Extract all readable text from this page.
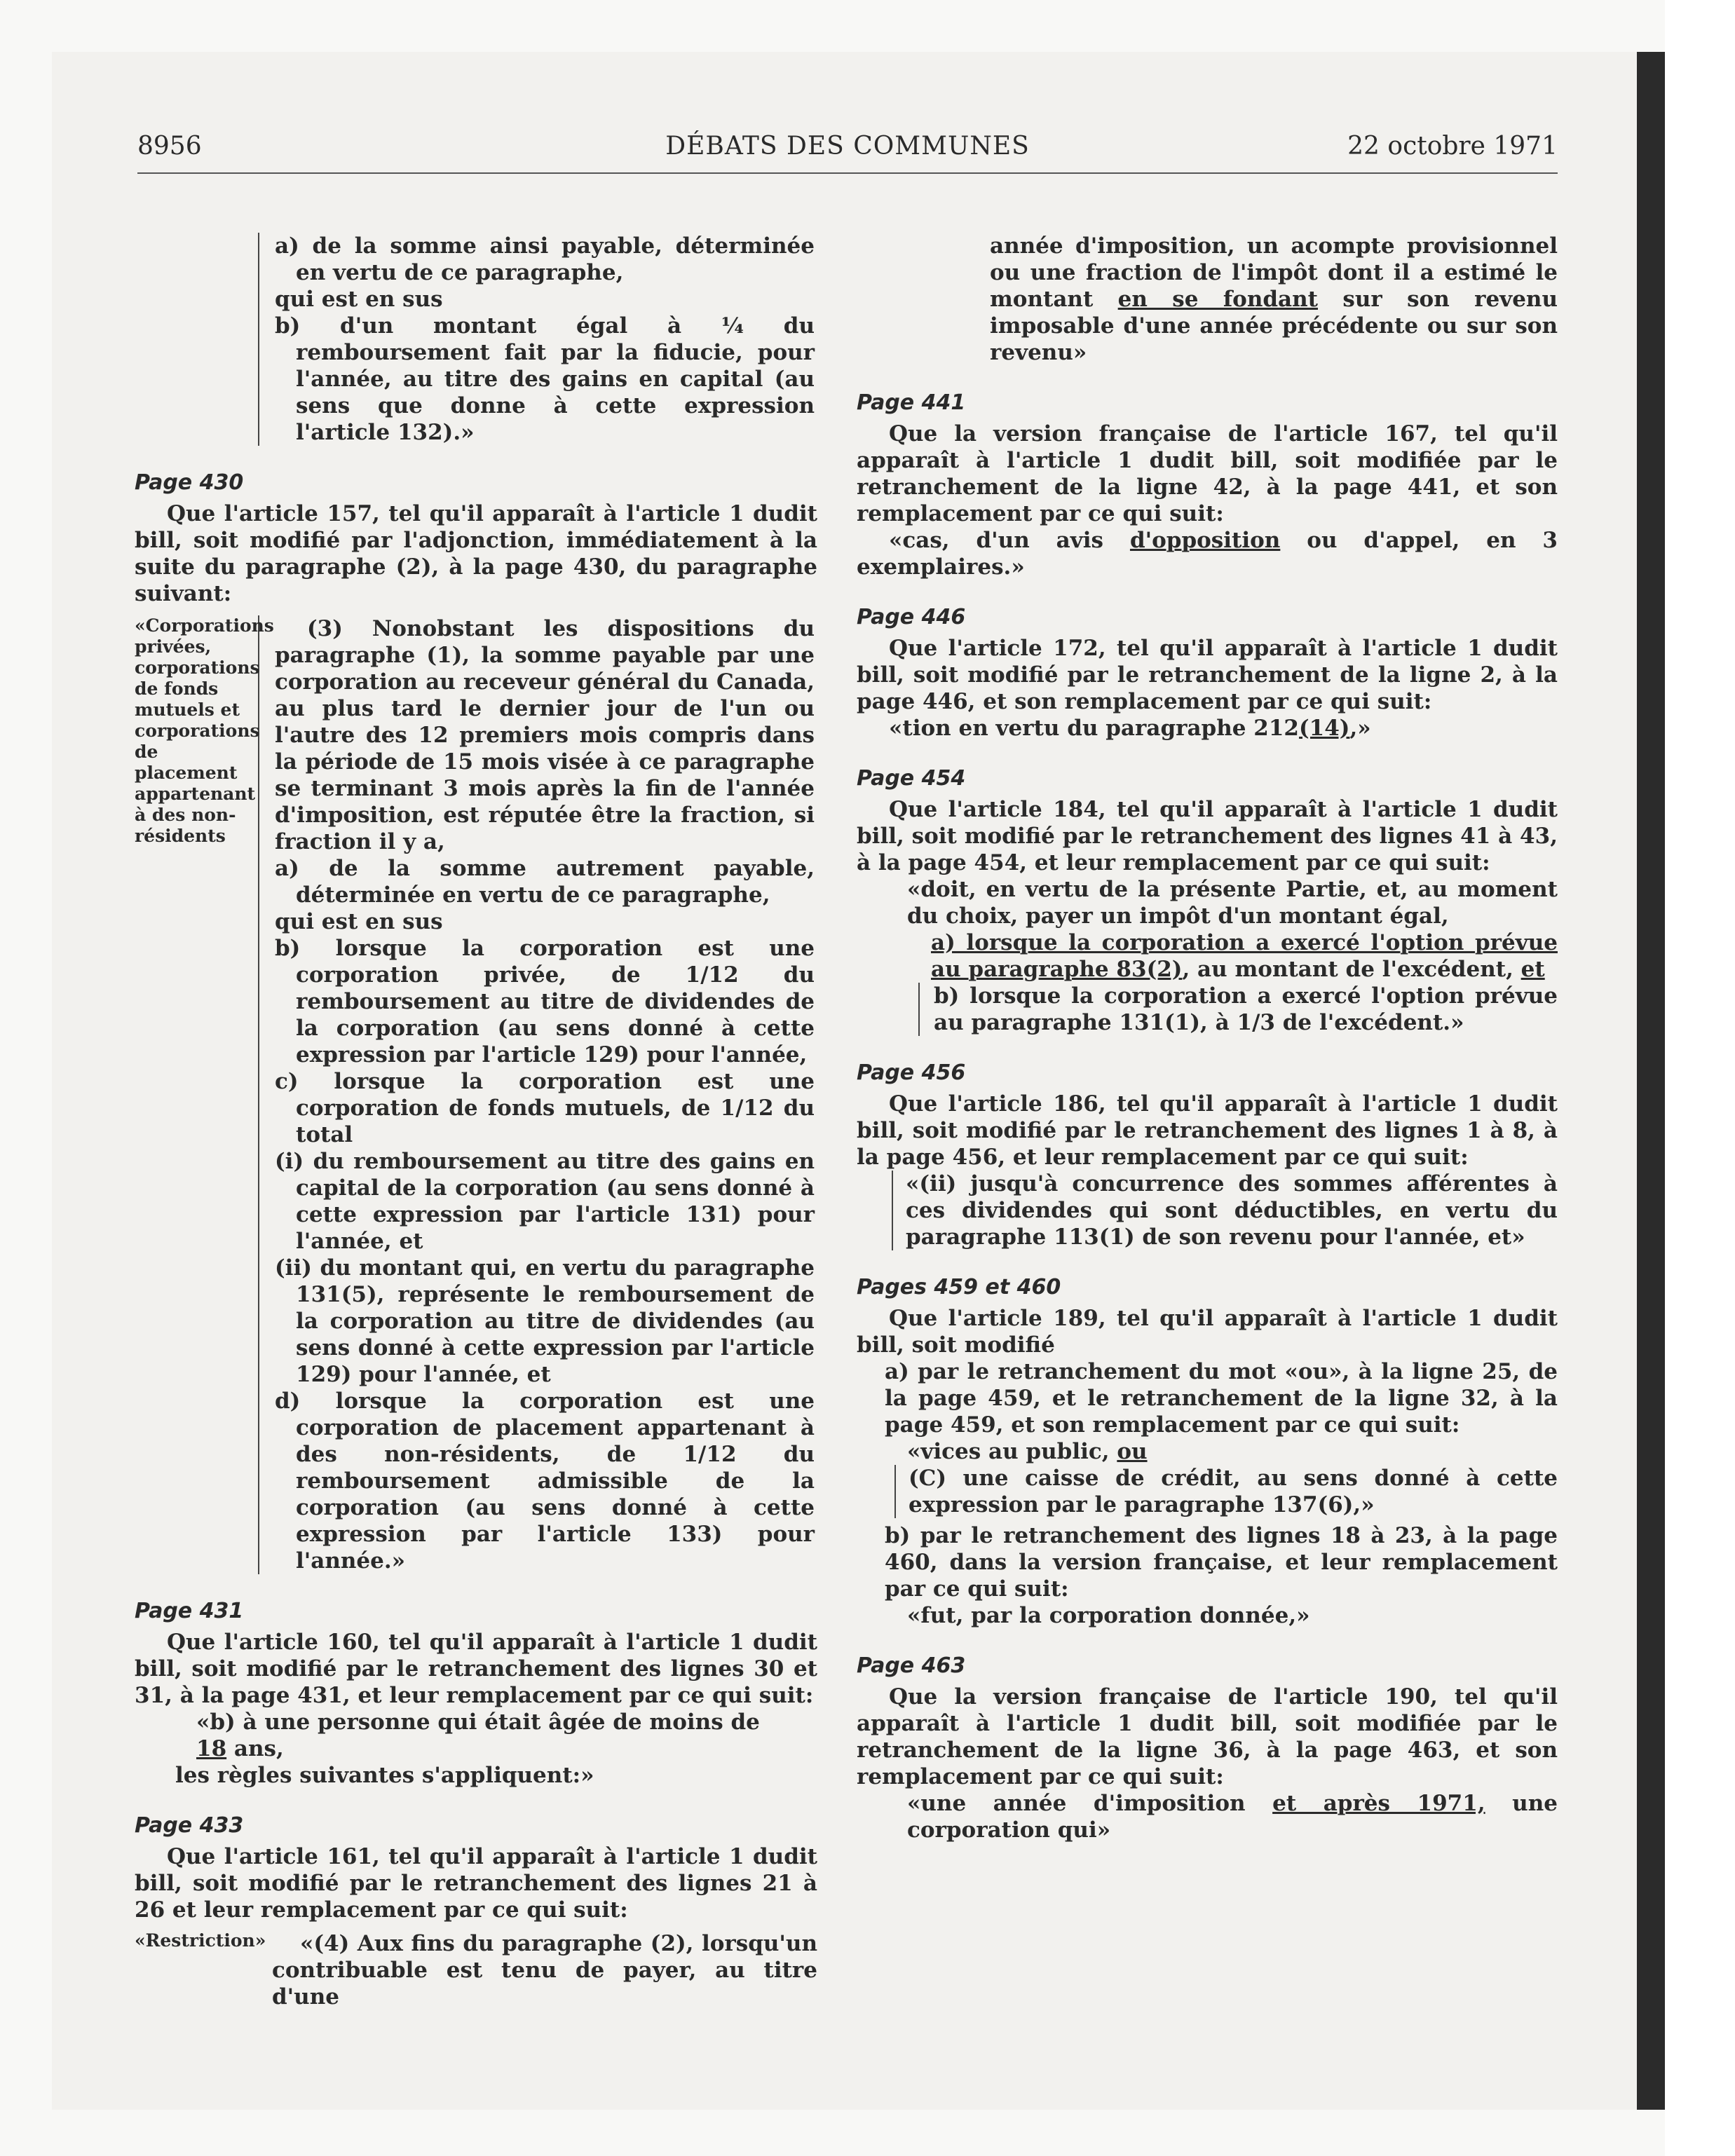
8956	DÉBATS DES COMMUNES	22 octobre 1971

a) de la somme ainsi payable, déterminée en vertu de ce paragraphe,

qui est en sus

b) d'un montant égal à ¼ du remboursement fait par la fiducie, pour l'année, au titre des gains en capital (au sens que donne à cette expression l'article 132).»

Page 430

Que l'article 157, tel qu'il apparaît à l'article 1 dudit bill, soit modifié par l'adjonction, immédiatement à la suite du paragraphe (2), à la page 430, du paragraphe suivant:

«Corporations privées, corporations de fonds mutuels et corporations de placement appartenant à des non-résidents

(3) Nonobstant les dispositions du paragraphe (1), la somme payable par une corporation au receveur général du Canada, au plus tard le dernier jour de l'un ou l'autre des 12 premiers mois compris dans la période de 15 mois visée à ce paragraphe se terminant 3 mois après la fin de l'année d'imposition, est réputée être la fraction, si fraction il y a,

a) de la somme autrement payable, déterminée en vertu de ce paragraphe,

qui est en sus

b) lorsque la corporation est une corporation privée, de 1/12 du remboursement au titre de dividendes de la corporation (au sens donné à cette expression par l'article 129) pour l'année,

c) lorsque la corporation est une corporation de fonds mutuels, de 1/12 du total

(i) du remboursement au titre des gains en capital de la corporation (au sens donné à cette expression par l'article 131) pour l'année, et

(ii) du montant qui, en vertu du paragraphe 131(5), représente le remboursement de la corporation au titre de dividendes (au sens donné à cette expression par l'article 129) pour l'année, et

d) lorsque la corporation est une corporation de placement appartenant à des non-résidents, de 1/12 du remboursement admissible de la corporation (au sens donné à cette expression par l'article 133) pour l'année.»

Page 431

Que l'article 160, tel qu'il apparaît à l'article 1 dudit bill, soit modifié par le retranchement des lignes 30 et 31, à la page 431, et leur remplacement par ce qui suit:

«b) à une personne qui était âgée de moins de
18 ans,

les règles suivantes s'appliquent:»

Page 433

Que l'article 161, tel qu'il apparaît à l'article 1 dudit bill, soit modifié par le retranchement des lignes 21 à 26 et leur remplacement par ce qui suit:

«Restriction»	«(4) Aux fins du paragraphe (2), lorsqu'un contribuable est tenu de payer, au titre d'une

année d'imposition, un acompte provisionnel ou une fraction de l'impôt dont il a estimé le montant en se fondant sur son revenu imposable d'une année précédente ou sur son revenu»

Page 441

Que la version française de l'article 167, tel qu'il apparaît à l'article 1 dudit bill, soit modifiée par le retranchement de la ligne 42, à la page 441, et son remplacement par ce qui suit:

«cas, d'un avis d'opposition ou d'appel, en 3 exemplaires.»

Page 446

Que l'article 172, tel qu'il apparaît à l'article 1 dudit bill, soit modifié par le retranchement de la ligne 2, à la page 446, et son remplacement par ce qui suit:

«tion en vertu du paragraphe 212(14),»

Page 454

Que l'article 184, tel qu'il apparaît à l'article 1 dudit bill, soit modifié par le retranchement des lignes 41 à 43, à la page 454, et leur remplacement par ce qui suit:

«doit, en vertu de la présente Partie, et, au moment du choix, payer un impôt d'un montant égal,

a) lorsque la corporation a exercé l'option prévue au paragraphe 83(2), au montant de l'excédent, et

b) lorsque la corporation a exercé l'option prévue au paragraphe 131(1), à 1/3 de l'excédent.»

Page 456

Que l'article 186, tel qu'il apparaît à l'article 1 dudit bill, soit modifié par le retranchement des lignes 1 à 8, à la page 456, et leur remplacement par ce qui suit:

«(ii) jusqu'à concurrence des sommes afférentes à ces dividendes qui sont déductibles, en vertu du paragraphe 113(1) de son revenu pour l'année, et»

Pages 459 et 460

Que l'article 189, tel qu'il apparaît à l'article 1 dudit bill, soit modifié

a) par le retranchement du mot «ou», à la ligne 25, de la page 459, et le retranchement de la ligne 32, à la page 459, et son remplacement par ce qui suit:

«vices au public, ou

(C) une caisse de crédit, au sens donné à cette expression par le paragraphe 137(6),»

b) par le retranchement des lignes 18 à 23, à la page 460, dans la version française, et leur remplacement par ce qui suit:

«fut, par la corporation donnée,»

Page 463

Que la version française de l'article 190, tel qu'il apparaît à l'article 1 dudit bill, soit modifiée par le retranchement de la ligne 36, à la page 463, et son remplacement par ce qui suit:

«une année d'imposition et après 1971, une corporation qui»
